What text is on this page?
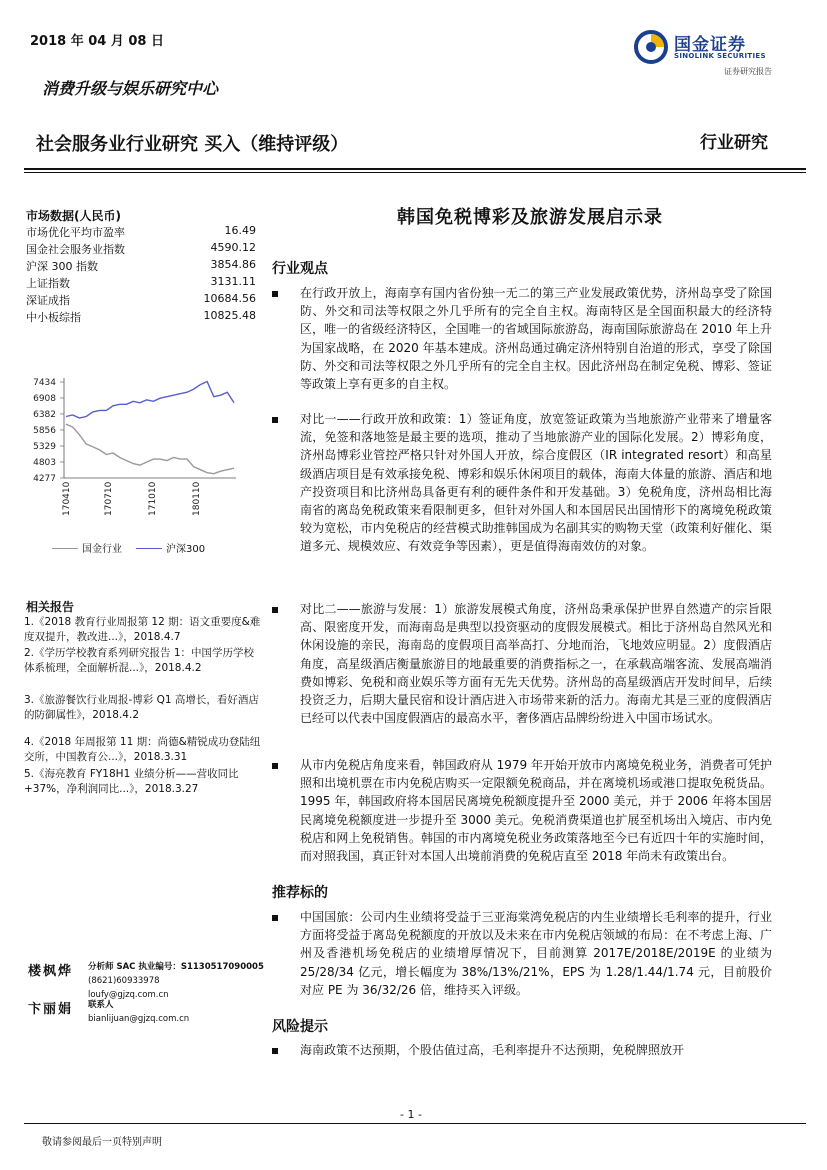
2018 年 04 月 08 日
消费升级与娱乐研究中心
国金证券
SINOLINK SECURITIES
证券研究报告
社会服务业行业研究 买入（维持评级）	行业研究
市场数据(人民币)
市场优化平均市盈率	16.49
国金社会服务业指数	4590.12
沪深 300 指数	3854.86
上证指数	3131.11
深证成指	10684.56
中小板综指	10825.48
7434
6908
6382
5856
5329
4803
4277
170410	170710	171010	180110
国金行业	沪深300
相关报告
1.《2018 教育行业周报第 12 期：语文重要度&难度双提升，教改进...》，2018.4.7
2.《学历学校教育系列研究报告 1：中国学历学校体系梳理，全面解析混...》，2018.4.2
3.《旅游餐饮行业周报-博彩 Q1 高增长，看好酒店的防御属性》，2018.4.2
4.《2018 年周报第 11 期：尚德&精锐成功登陆纽交所，中国教育公...》，2018.3.31
5.《海亮教育 FY18H1 业绩分析——营收同比+37%，净利润同比...》，2018.3.27
楼枫烨 分析师 SAC 执业编号：S1130517090005
(8621)60933978
loufy@gjzq.com.cn
卞丽娟 联系人
bianlijuan@gjzq.com.cn
韩国免税博彩及旅游发展启示录
行业观点
在行政开放上，海南享有国内省份独一无二的第三产业发展政策优势，济州岛享受了除国防、外交和司法等权限之外几乎所有的完全自主权。海南特区是全国面积最大的经济特区，唯一的省级经济特区，全国唯一的省域国际旅游岛，海南国际旅游岛在 2010 年上升为国家战略，在 2020 年基本建成。济州岛通过确定济州特别自治道的形式，享受了除国防、外交和司法等权限之外几乎所有的完全自主权。因此济州岛在制定免税、博彩、签证等政策上享有更多的自主权。
对比一——行政开放和政策：1）签证角度，放宽签证政策为当地旅游产业带来了增量客流，免签和落地签是最主要的选项，推动了当地旅游产业的国际化发展。2）博彩角度，济州岛博彩业管控严格只针对外国人开放，综合度假区（IR integrated resort）和高星级酒店项目是有效承接免税、博彩和娱乐休闲项目的载体，海南大体量的旅游、酒店和地产投资项目和比济州岛具备更有利的硬件条件和开发基础。3）免税角度，济州岛相比海南省的离岛免税政策来看限制更多，但针对外国人和本国居民出国情形下的离境免税政策较为宽松，市内免税店的经营模式助推韩国成为名副其实的购物天堂（政策利好催化、渠道多元、规模效应、有效竞争等因素），更是值得海南效仿的对象。
对比二——旅游与发展：1）旅游发展模式角度，济州岛秉承保护世界自然遗产的宗旨限高、限密度开发，而海南岛是典型以投资驱动的度假发展模式。相比于济州岛自然风光和休闲设施的亲民，海南岛的度假项目高举高打、分地而治，飞地效应明显。2）度假酒店角度，高星级酒店衡量旅游目的地最重要的消费指标之一，在承载高端客流、发展高端消费如博彩、免税和商业娱乐等方面有无先天优势。济州岛的高星级酒店开发时间早，后续投资乏力，后期大量民宿和设计酒店进入市场带来新的活力。海南尤其是三亚的度假酒店已经可以代表中国度假酒店的最高水平，奢侈酒店品牌纷纷进入中国市场试水。
从市内免税店角度来看，韩国政府从 1979 年开始开放市内离境免税业务，消费者可凭护照和出境机票在市内免税店购买一定限额免税商品，并在离境机场或港口提取免税货品。1995 年，韩国政府将本国居民离境免税额度提升至 2000 美元，并于 2006 年将本国居民离境免税额度进一步提升至 3000 美元。免税消费渠道也扩展至机场出入境店、市内免税店和网上免税销售。韩国的市内离境免税业务政策落地至今已有近四十年的实施时间，而对照我国，真正针对本国人出境前消费的免税店直至 2018 年尚未有政策出台。
推荐标的
中国国旅：公司内生业绩将受益于三亚海棠湾免税店的内生业绩增长毛利率的提升，行业方面将受益于离岛免税额度的开放以及未来在市内免税店领域的布局：在不考虑上海、广州及香港机场免税店的业绩增厚情况下，目前测算 2017E/2018E/2019E 的业绩为 25/28/34 亿元，增长幅度为 38%/13%/21%，EPS 为 1.28/1.44/1.74 元，目前股价对应 PE 为 36/32/26 倍，维持买入评级。
风险提示
海南政策不达预期，个股估值过高，毛利率提升不达预期，免税牌照放开
- 1 -
敬请参阅最后一页特别声明
